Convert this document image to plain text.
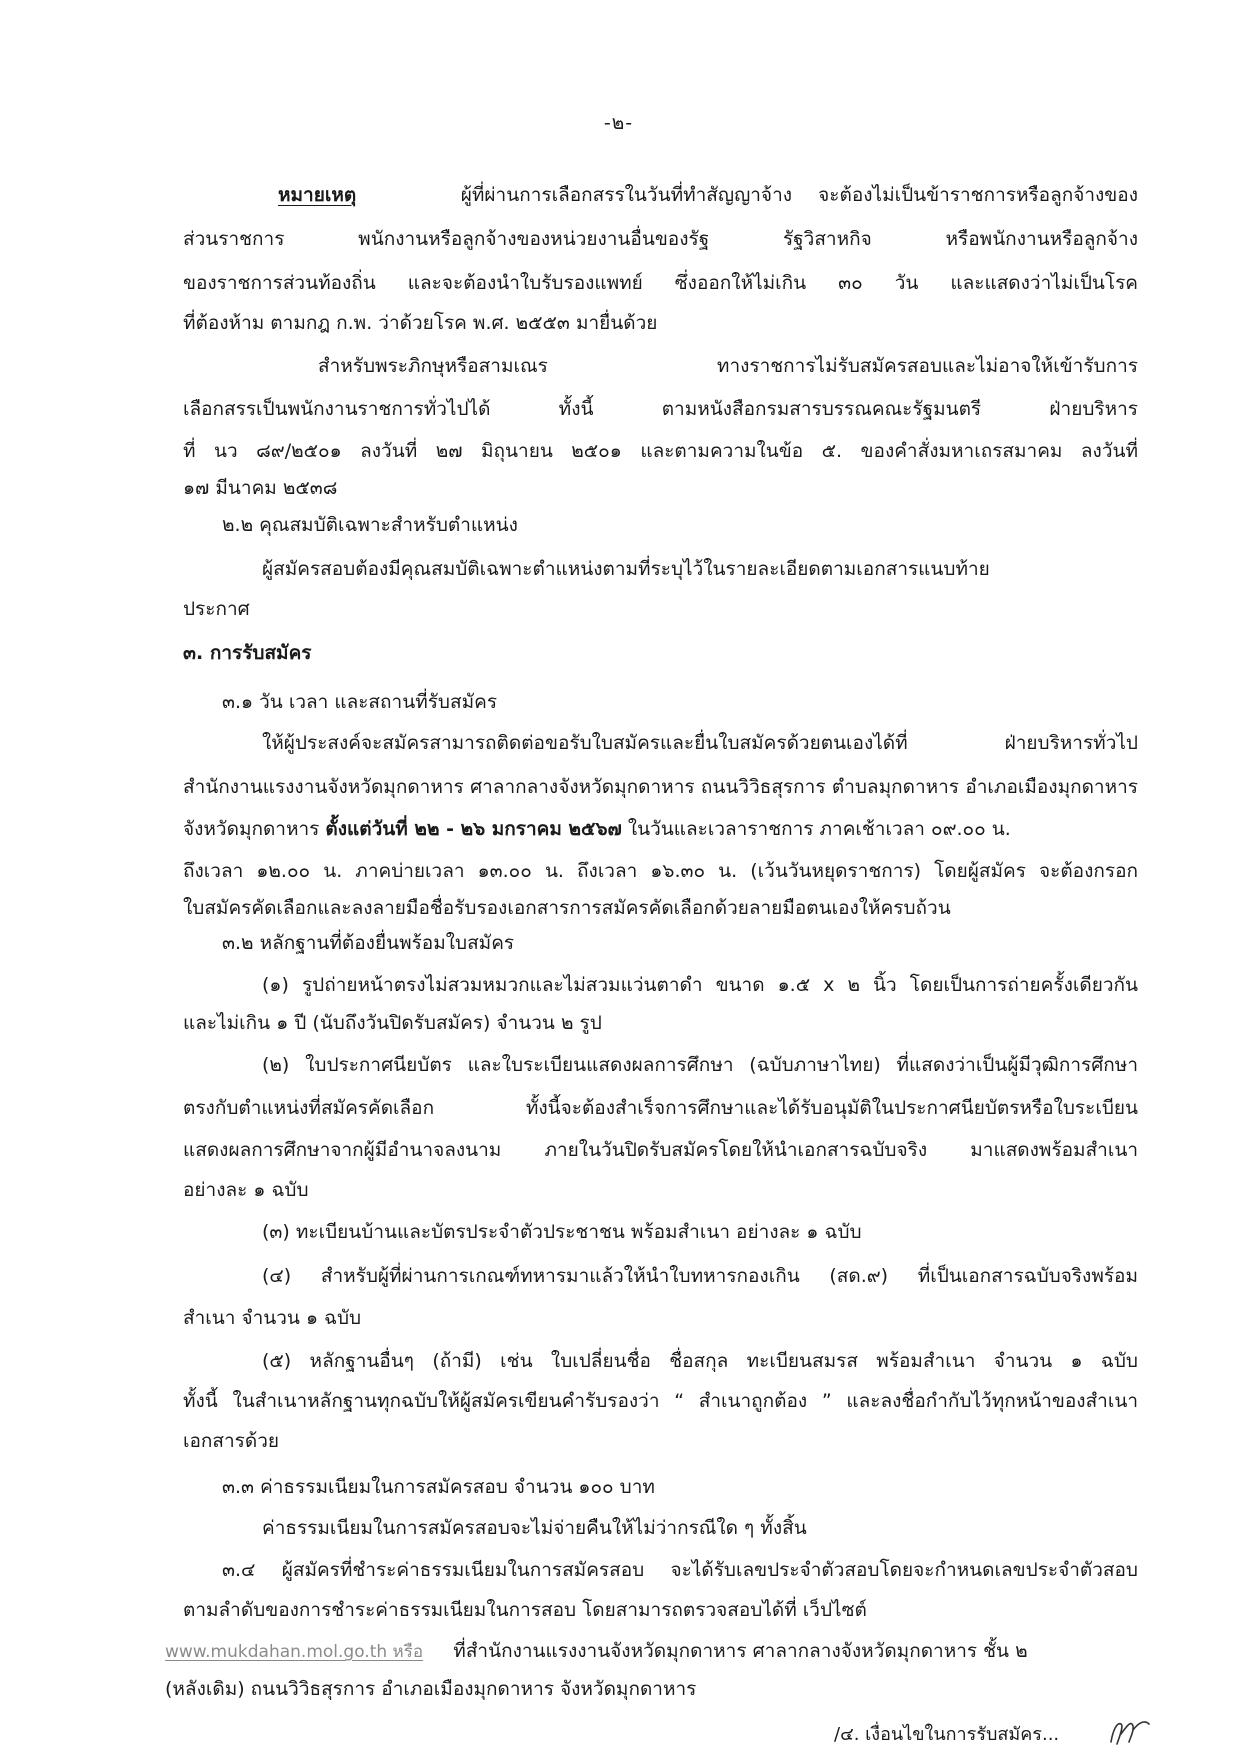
-๒-
หมายเหตุ	ผู้ที่ผ่านการเลือกสรรในวันที่ทำสัญญาจ้าง จะต้องไม่เป็นข้าราชการหรือลูกจ้างของ
ส่วนราชการ พนักงานหรือลูกจ้างของหน่วยงานอื่นของรัฐ รัฐวิสาหกิจ หรือพนักงานหรือลูกจ้าง
ของราชการส่วนท้องถิ่น และจะต้องนำใบรับรองแพทย์ ซึ่งออกให้ไม่เกิน ๓๐ วัน และแสดงว่าไม่เป็นโรค
ที่ต้องห้าม ตามกฎ ก.พ. ว่าด้วยโรค พ.ศ. ๒๕๕๓ มายื่นด้วย
สำหรับพระภิกษุหรือสามเณร ทางราชการไม่รับสมัครสอบและไม่อาจให้เข้ารับการ
เลือกสรรเป็นพนักงานราชการทั่วไปได้ ทั้งนี้ ตามหนังสือกรมสารบรรณคณะรัฐมนตรี ฝ่ายบริหาร
ที่ นว ๘๙/๒๕๐๑ ลงวันที่ ๒๗ มิถุนายน ๒๕๐๑ และตามความในข้อ ๕. ของคำสั่งมหาเถรสมาคม ลงวันที่
๑๗ มีนาคม ๒๕๓๘
๒.๒ คุณสมบัติเฉพาะสำหรับตำแหน่ง
ผู้สมัครสอบต้องมีคุณสมบัติเฉพาะตำแหน่งตามที่ระบุไว้ในรายละเอียดตามเอกสารแนบท้าย
ประกาศ
๓. การรับสมัคร
๓.๑ วัน เวลา และสถานที่รับสมัคร
ให้ผู้ประสงค์จะสมัครสามารถติดต่อขอรับใบสมัครและยื่นใบสมัครด้วยตนเองได้ที่ ฝ่ายบริหารทั่วไป
สำนักงานแรงงานจังหวัดมุกดาหาร ศาลากลางจังหวัดมุกดาหาร ถนนวิวิธสุรการ ตำบลมุกดาหาร อำเภอเมืองมุกดาหาร
จังหวัดมุกดาหาร ตั้งแต่วันที่ ๒๒ - ๒๖ มกราคม ๒๕๖๗ ในวันและเวลาราชการ ภาคเช้าเวลา ๐๙.๐๐ น.
ถึงเวลา ๑๒.๐๐ น. ภาคบ่ายเวลา ๑๓.๐๐ น. ถึงเวลา ๑๖.๓๐ น. (เว้นวันหยุดราชการ) โดยผู้สมัคร จะต้องกรอก
ใบสมัครคัดเลือกและลงลายมือชื่อรับรองเอกสารการสมัครคัดเลือกด้วยลายมือตนเองให้ครบถ้วน
๓.๒ หลักฐานที่ต้องยื่นพร้อมใบสมัคร
(๑) รูปถ่ายหน้าตรงไม่สวมหมวกและไม่สวมแว่นตาดำ ขนาด ๑.๕ x ๒ นิ้ว โดยเป็นการถ่ายครั้งเดียวกัน
และไม่เกิน ๑ ปี (นับถึงวันปิดรับสมัคร) จำนวน ๒ รูป
(๒) ใบประกาศนียบัตร และใบระเบียนแสดงผลการศึกษา (ฉบับภาษาไทย) ที่แสดงว่าเป็นผู้มีวุฒิการศึกษา
ตรงกับตำแหน่งที่สมัครคัดเลือก ทั้งนี้จะต้องสำเร็จการศึกษาและได้รับอนุมัติในประกาศนียบัตรหรือใบระเบียน
แสดงผลการศึกษาจากผู้มีอำนาจลงนาม ภายในวันปิดรับสมัครโดยให้นำเอกสารฉบับจริง มาแสดงพร้อมสำเนา
อย่างละ ๑ ฉบับ
(๓) ทะเบียนบ้านและบัตรประจำตัวประชาชน พร้อมสำเนา อย่างละ ๑ ฉบับ
(๔) สำหรับผู้ที่ผ่านการเกณฑ์ทหารมาแล้วให้นำใบทหารกองเกิน (สด.๙) ที่เป็นเอกสารฉบับจริงพร้อม
สำเนา จำนวน ๑ ฉบับ
(๕) หลักฐานอื่นๆ (ถ้ามี) เช่น ใบเปลี่ยนชื่อ ชื่อสกุล ทะเบียนสมรส พร้อมสำเนา จำนวน ๑ ฉบับ
ทั้งนี้ ในสำเนาหลักฐานทุกฉบับให้ผู้สมัครเขียนคำรับรองว่า “ สำเนาถูกต้อง ” และลงชื่อกำกับไว้ทุกหน้าของสำเนา
เอกสารด้วย
๓.๓ ค่าธรรมเนียมในการสมัครสอบ จำนวน ๑๐๐ บาท
ค่าธรรมเนียมในการสมัครสอบจะไม่จ่ายคืนให้ไม่ว่ากรณีใด ๆ ทั้งสิ้น
๓.๔ ผู้สมัครที่ชำระค่าธรรมเนียมในการสมัครสอบ จะได้รับเลขประจำตัวสอบโดยจะกำหนดเลขประจำตัวสอบ
ตามลำดับของการชำระค่าธรรมเนียมในการสอบ โดยสามารถตรวจสอบได้ที่ เว็ปไซต์
www.mukdahan.mol.go.th หรือ ที่สำนักงานแรงงานจังหวัดมุกดาหาร ศาลากลางจังหวัดมุกดาหาร ชั้น ๒
(หลังเดิม) ถนนวิวิธสุรการ อำเภอเมืองมุกดาหาร จังหวัดมุกดาหาร
/๔. เงื่อนไขในการรับสมัคร...
